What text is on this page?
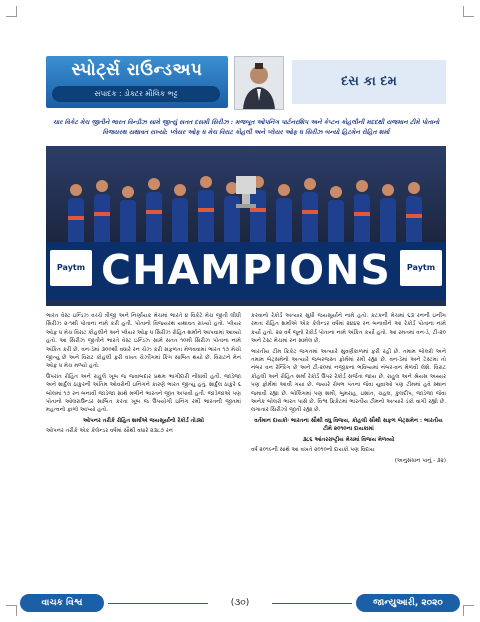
સ્પોર્ટ્સ રાઉન્ડઅપ
સંપાદક : ડોક્ટર મૌલિક ભટ્ટ
દસ કા દમ
ચાર વિકેટ મેચ જીતીને ભારત વિન્ડીઝ સામે જીત્યું સતત દસમી સિરીઝ : મજબૂત ઓપનિંગ પાર્ટનરશિપ અને કેપ્ટન કોહલીની મદદથી યજમાન ટીમે પોતાનો વિજયરથ યથાવત રાખ્યો: પ્લેયર ઓફ ધ મેચ વિરાટ કોહલી અને પ્લેયર ઓફ ધ સિરીઝ બન્યો હિટમેન રોહિત શર્મા
Paytm CHAMPIONS	Paytm

ભારત વેસ્ટ ઇન્ડિઝ વચ્ચે ત્રીજી અને નિર્ણાયક મેચમાં ભારતે ૪ વિકેટે મેચ જીતી લીધી સિરીઝ ૨-૧થી પોતાના નામે કરી હતી. પોતાનો વિજયરથ યથાવત રાખ્યો હતો. પ્લેયર ઓફ ધ મેચ વિરાટ કોહલીને અને પ્લેયર ઓફ ધ સિરીઝ રોહિત શર્માને આપવામાં આવ્યો હતો. આ સિરીઝ જીતીને ભારતે વેસ્ટ ઇન્ડિઝ સામે સતત ૧૦મી સિરીઝ પોતાના નામે અંકિત કરી છે. વન-ડેમાં ૩૦૦થી વધારે રન ચેઝ કરી સફળતા મેળવવામાં ભારત ૧૭ મેચો જીત્યું છે અને વિરાટ કોહલી ફરી વખત ચેઝીંગમાં કિંગ સાબિત થયો છે. વિરાટને મેન ઓફ ધ મેચ મળ્યો હતો.

ઉપરાંત રોહિત અને રાહુલે ખૂબ જ જવાબદાર પ્રથમ ભાગીદારી નોંધાવી હતી. જાડેજા અને શાર્દુલ ઠાકુરની અંતિમ ઓવરોની ઇનિંગને કારણે ભારત જીત્યું હતું. શાર્દુલ ઠાકુરે ૬ બોલમાં ૧૭ રન બનાવી જાડેજા સાથે મળીને ભારતને જીત અપાવી હતી. જાડેજાએ પણ પોતાનો ઓલરાઉન્ડર સાબિત કરતા ખૂબ જ ઉપયોગી ઇનિંગ રમી ભારતની જીતમાં મહત્વનો ફાળો આપ્યો હતો.

ઓપનર તરીકે રોહિત શર્માએ જયસૂર્યાનો રેકોર્ડ તોડ્યો

ઓપનર તરીકે એક કેલેન્ડર વર્ષમાં સૌથી વધારે ૨૩૮૭ રન

કરવાનો રેકોર્ડ અત્યાર સુધી જયસૂર્યાને નામે હતો. કટકની મેચમાં ૬૩ રનની ઇનીંગ રમતા રોહિત શર્માએ એક કેલેન્ડર વર્ષમાં ૨૪૪૨ રન બનાવીને આ રેકોર્ડ પોતાના નામે કર્યો હતો. ૨૨ વર્ષ જૂનો રેકોર્ડ પોતાના નામે અંકિત કર્યો હતો. આ રમતમાં વન-ડે, ટી-૨૦ અને ટેસ્ટ મેચમાં રન સામેલ છે.

ભારતીય ટીમ ક્રિકેટ જગતમાં અત્યારે સુવર્ણકાળમાં ફરી રહી છે. તમામ બોલરો અને તમામ બેટ્સમેનો અત્યારે જબરજસ્ત ફોર્મમાં રમી રહ્યા છે. વન-ડેમાં અને ટેસ્ટમાં તો નંબર વન રેન્કિંગ છે અને ટી-૨૦માં નજીકના ભવિષ્યમાં નંબર-વન મેળવી લેશે. વિરાટ કોહલી અને રોહિત શર્મા રેકોર્ડ ઉપર રેકોર્ડ સર્જતા જાય છે. રાહુલ અને શ્રેયસ અય્યર પણ ફોર્મમાં આવી ગયા છે. જ્યારે રોષભ પંતના જેવા યુવાઓ પણ ટીમમાં હવે સ્થાન જમાવી રહ્યા છે. બોલિંગમાં પણ શમી, બુમરાહ, ઇશાંત, ચહલ, કુલદીપ, જાડેજા જેવા અનેક બોલરો ભારત પાસે છે. વિશ્વ ક્રિકેટમાં ભારતીય ટીમનો અત્યારે ડંકો વાગી રહ્યો છે. લગાતાર સિરીઝો જીતી રહ્યા છે.

વર્તમાન દાયકોઃ ભારતના સૌથી વધુ વિજય, કોહલી સૌથી સફળ બેટ્સમેન : ભારતીય ટીમે ૨૦૧૦ના દાયકામાં
૩૮૬ આંતરરાષ્ટ્રીય મેચમાં વિજય મેળવ્યો

વર્ષ ૨૦૧૯ની સાથે આ વખતે ૨૦૧૦નો દાયકો પણ વિદાય

(અનુસંધાન પાનું - ૩૨)

વાચક વિશ્વ	(૩૦)	જાન્યુઆરી, ૨૦૨૦
